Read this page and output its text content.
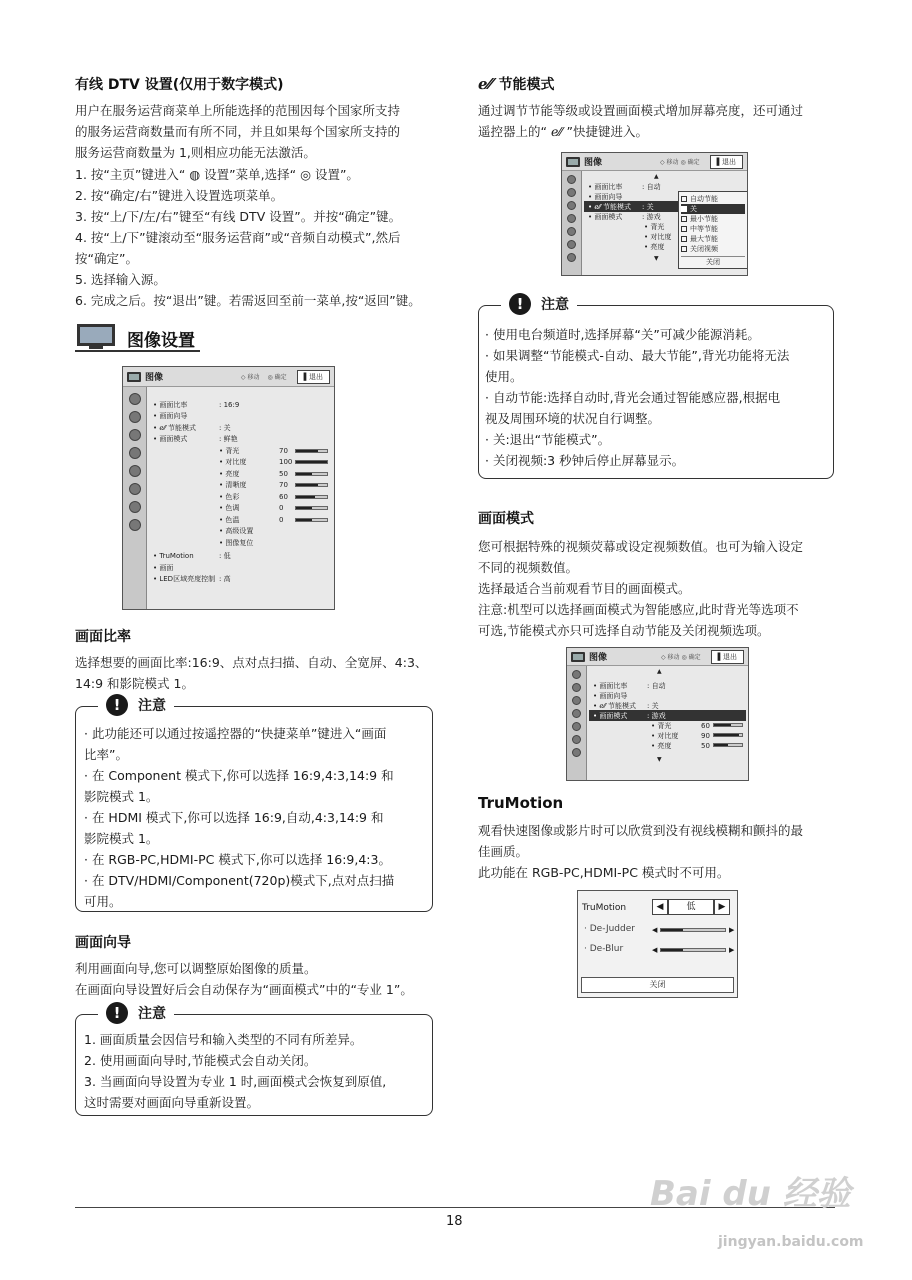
有线 DTV 设置(仅用于数字模式)
用户在服务运营商菜单上所能选择的范围因每个国家所支持
的服务运营商数量而有所不同，并且如果每个国家所支持的
服务运营商数量为 1,则相应功能无法激活。
1. 按“主页”键进入“ ◍ 设置”菜单,选择“ ◎ 设置”。
2. 按“确定/右”键进入设置选项菜单。
3. 按“上/下/左/右”键至“有线 DTV 设置”。并按“确定”键。
4. 按“上/下”键滚动至“服务运营商”或“音频自动模式”,然后
按“确定”。
5. 选择输入源。
6. 完成之后。按“退出”键。若需返回至前一菜单,按“返回”键。
图像设置
图像	◇ 移动 ◎ 确定	▌退出
• 画面比率	: 16:9
• 画面向导
• ℯ⁄⁄ 节能模式	: 关
• 画面模式	: 鲜艳
• 背光	70
• 对比度	100
• 亮度	50
• 清晰度	70
• 色彩	60
• 色调	0
• 色温	0
• 高级设置
• 图像复位
• TruMotion	: 低
• 画面
• LED区域亮度控制 : 高
画面比率
选择想要的画面比率:16:9、点对点扫描、自动、全宽屏、4:3、
14:9 和影院模式 1。
!	注意
· 此功能还可以通过按遥控器的“快捷菜单”键进入“画面
比率”。
· 在 Component 模式下,你可以选择 16:9,4:3,14:9 和
影院模式 1。
· 在 HDMI 模式下,你可以选择 16:9,自动,4:3,14:9 和
影院模式 1。
· 在 RGB-PC,HDMI-PC 模式下,你可以选择 16:9,4:3。
· 在 DTV/HDMI/Component(720p)模式下,点对点扫描
可用。
画面向导
利用画面向导,您可以调整原始图像的质量。
在画面向导设置好后会自动保存为“画面模式”中的“专业 1”。
!	注意
1. 画面质量会因信号和输入类型的不同有所差异。
2. 使用画面向导时,节能模式会自动关闭。
3. 当画面向导设置为专业 1 时,画面模式会恢复到原值,
这时需要对画面向导重新设置。
ℯ⁄⁄ 节能模式
通过调节节能等级或设置画面模式增加屏幕亮度，还可通过
遥控器上的“ ℯ⁄⁄ ”快捷键进入。
图像	◇ 移动 ◎ 确定	▌退出
• 画面比率	: 自动
• 画面向导
• ℯ⁄⁄ 节能模式 : 关
• 画面模式	: 游戏
• 背光
• 对比度
• 亮度
自动节能
关
最小节能
中等节能
最大节能
关闭视频
关闭
▲
▼
!	注意
· 使用电台频道时,选择屏幕“关”可减少能源消耗。
· 如果调整“节能模式-自动、最大节能”,背光功能将无法
使用。
· 自动节能:选择自动时,背光会通过智能感应器,根据电
视及周围环境的状况自行调整。
· 关:退出“节能模式”。
· 关闭视频:3 秒钟后停止屏幕显示。
画面模式
您可根据特殊的视频荧幕或设定视频数值。也可为输入设定
不同的视频数值。
选择最适合当前观看节目的画面模式。
注意:机型可以选择画面模式为智能感应,此时背光等选项不
可选,节能模式亦只可选择自动节能及关闭视频选项。
图像	◇ 移动 ◎ 确定	▌退出
▲
• 画面比率	: 自动
• 画面向导
• ℯ⁄⁄ 节能模式 : 关
• 画面模式	: 游戏
• 背光	60
• 对比度	90
• 亮度	50
▼
TruMotion
观看快速图像或影片时可以欣赏到没有视线模糊和颤抖的最
佳画质。
此功能在 RGB-PC,HDMI-PC 模式时不可用。
TruMotion	◀	低	▶
· De-Judder ◀	▶
· De-Blur	◀	▶
关闭
18
Bai du 经验
jingyan.baidu.com
